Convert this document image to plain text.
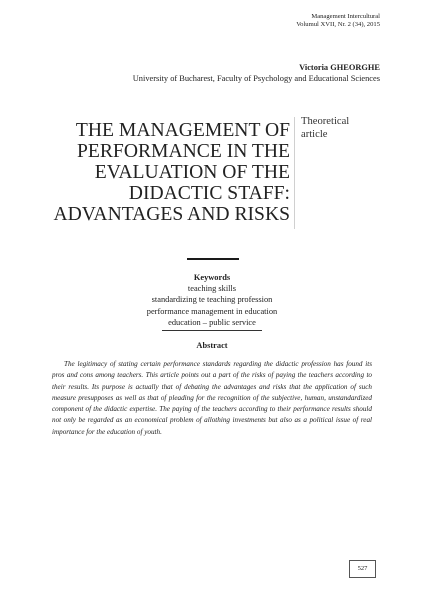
Management Intercultural
Volumul XVII, Nr. 2 (34), 2015
Victoria GHEORGHE
University of Bucharest, Faculty of Psychology and Educational Sciences
THE MANAGEMENT OF
PERFORMANCE IN THE
EVALUATION OF THE
DIDACTIC STAFF:
ADVANTAGES AND RISKS
Theoretical
article
Keywords
teaching skills
standardizing te teaching profession
performance management in education
education – public service
Abstract

The legitimacy of stating certain performance standards regarding the didactic profession has found its pros and cons among teachers. This article points out a part of the risks of paying the teachers according to their results. Its purpose is actually that of debating the advantages and risks that the application of such measure presupposes as well as that of pleading for the recognition of the subjective, human, unstandardized component of the didactic expertise. The paying of the teachers according to their performance results should not only be regarded as an economical problem of allothing investments but also as a political issue of real importance for the education of youth.

527
